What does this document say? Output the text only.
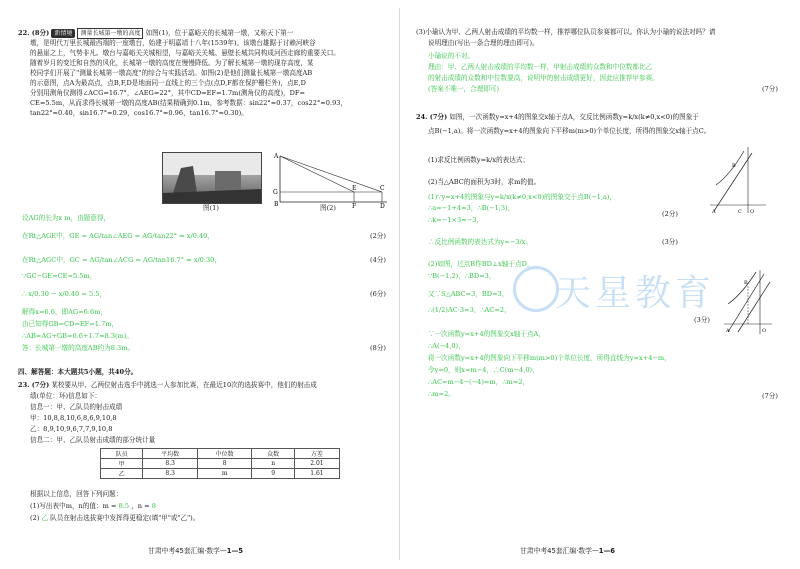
22. (8分) 新情境 测量长城第一墩的高度 如图(1)，位于嘉峪关的长城第一墩，又称天下第一
墩，是明代万里长城最西端的一座墩台，始建于明嘉靖十八年(1539年)。该墩台雄踞于讨赖河峡谷
的悬崖之上，气势非凡。墩台与嘉峪关关城相望，与嘉峪关关城、悬壁长城共同构成河西走廊的重要关口。
随着岁月的变迁和自然的风化，长城第一墩的高度在慢慢降低。为了解长城第一墩的现存高度，某
校同学们开展了"测量长城第一墩高度"的综合与实践活动。如图(2)是他们测量长城第一墩高度AB
的示意图，点A为最高点，点B,F,D是地面同一直线上的三个点(点D,F都在保护栅栏外)，点E,D
分别用测角仪测得∠ACG=16.7°，∠AEG=22°，其中CD=EF=1.7m(测角仪的高度)，DF=
CE=5.5m，从而求得长城第一墩的高度AB(结果精确到0.1m，参考数据：sin22°≈0.37，cos22°≈0.93，
tan22°≈0.40，sin16.7°≈0.29，cos16.7°≈0.96，tan16.7°≈0.30)。
图(1)
A
G
B
E	C
F	D
图(2)
设AG的长为x m，由题意得，
在Rt△AGE中，GE = AG/tan∠AEG = AG/tan22° ≈ x/0.40，	(2分)
在Rt△AGC中，GC = AG/tan∠ACG = AG/tan16.7° ≈ x/0.30，	(4分)
∵GC−GE=CE=5.5m，
∴ x/0.30 − x/0.40 = 5.5，	(6分)
解得x=6.6，即AG=6.6m，
由已知得GB=CD=EF=1.7m，
∴AB=AG+GB=6.6+1.7≈8.3(m)。
答：长城第一墩的高度AB约为8.3m。	(8分)
四、解答题：本大题共5小题，共40分。
23. (7分) 某校要从甲、乙两位射击选手中挑选一人参加比赛，在最近10次的选拔赛中，他们的射击成
绩(单位：环)信息如下：
信息一：甲、乙队员的射击成绩
甲：10,8,8,10,6,8,6,9,10,8
乙：8,9,10,9,6,7,7,9,10,8
信息二：甲、乙队员射击成绩的部分统计量
队员	平均数	中位数	众数	方差
甲	8.3	8	n	2.01
乙	8.3	m	9	1.61
根据以上信息，回答下列问题：
(1)写出表中m，n的值：m = 8.5 ，n = 8
(2) 乙 队员在射击选拔赛中发挥得更稳定(填"甲"或"乙")。
甘肃中考45套汇编·数学—1—5
(3)小瑜认为甲、乙两人射击成绩的平均数一样，推荐哪位队员参赛都可以。你认为小瑜的说法对吗？请
说明理由(写出一条合理的理由即可)。
小瑜说的不对。
理由：甲、乙两人射击成绩的平均数一样，甲射击成绩的众数和中位数都比乙
的射击成绩的众数和中位数要高，说明甲的射击成绩更好，因此应推荐甲参赛。
(答案不唯一，合理即可)	(7分)
24. (7分) 如图，一次函数y=x+4的图象交x轴于点A，交反比例函数y=k/x(k≠0,x<0)的图象于
点B(−1,a)。将一次函数y=x+4的图象向下平移m(m>0)个单位长度，所得的图象交x轴于点C。
(1)求反比例函数y=k/x的表达式；
(2)当△ABC的面积为3时，求m的值。
A	C O
B
(1)∵y=x+4的图象与y=k/x(k≠0,x<0)的图象交于点B(−1,a)，
∴a=−1+4=3，∴B(−1,3)，
(2分)
∴k=−1×3=−3，
∴反比例函数的表达式为y=−3/x。	(3分)
(2)如图，过点B作BD⊥x轴于点D，
∵B(−1,2)，∴BD=3，
又∵S△ABC=3，BD=3，
∴(1/2)AC·3=3，∴AC=2，
(3分)
∵一次函数y=x+4的图象交x轴于点A，
∴A(−4,0)，
将一次函数y=x+4的图象向下平移m(m>0)个单位长度，所得直线为y=x+4−m，
令y=0，则x=m−4，∴C(m−4,0)，
∴AC=m−4−(−4)=m，∴m=2，
∴m=2。	(7分)
B
A	O
天星教育
甘肃中考45套汇编·数学—1—6
